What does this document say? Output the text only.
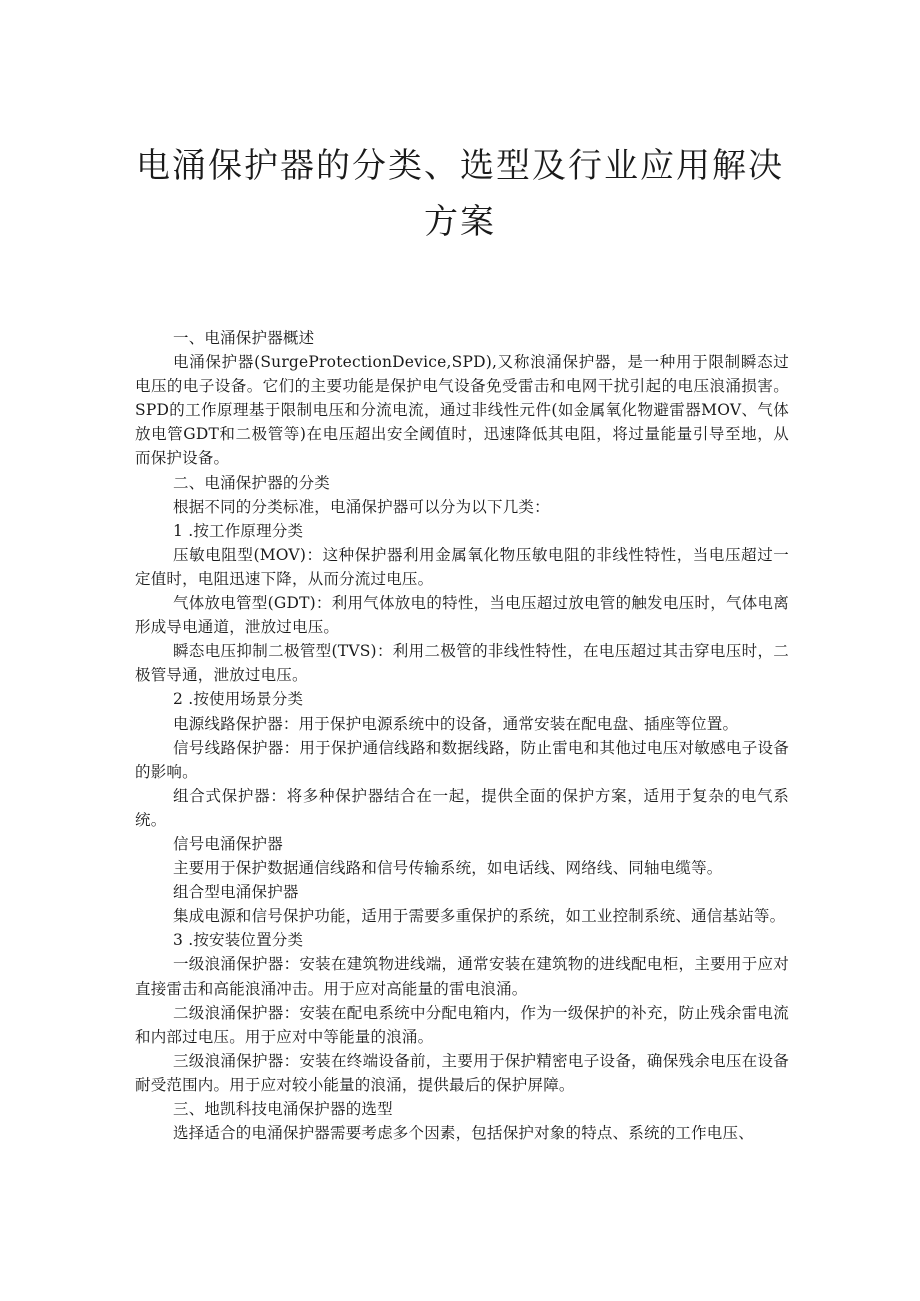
电涌保护器的分类、选型及行业应用解决方案

一、电涌保护器概述

电涌保护器(SurgeProtectionDevice,SPD),又称浪涌保护器，是一种用于限制瞬态过电压的电子设备。它们的主要功能是保护电气设备免受雷击和电网干扰引起的电压浪涌损害。SPD的工作原理基于限制电压和分流电流，通过非线性元件(如金属氧化物避雷器MOV、气体放电管GDT和二极管等)在电压超出安全阈值时，迅速降低其电阻，将过量能量引导至地，从而保护设备。

二、电涌保护器的分类

根据不同的分类标准，电涌保护器可以分为以下几类：

1 .按工作原理分类

压敏电阻型(MOV)：这种保护器利用金属氧化物压敏电阻的非线性特性，当电压超过一定值时，电阻迅速下降，从而分流过电压。

气体放电管型(GDT)：利用气体放电的特性，当电压超过放电管的触发电压时，气体电离形成导电通道，泄放过电压。

瞬态电压抑制二极管型(TVS)：利用二极管的非线性特性，在电压超过其击穿电压时，二极管导通，泄放过电压。

2 .按使用场景分类

电源线路保护器：用于保护电源系统中的设备，通常安装在配电盘、插座等位置。

信号线路保护器：用于保护通信线路和数据线路，防止雷电和其他过电压对敏感电子设备的影响。

组合式保护器：将多种保护器结合在一起，提供全面的保护方案，适用于复杂的电气系统。

信号电涌保护器

主要用于保护数据通信线路和信号传输系统，如电话线、网络线、同轴电缆等。

组合型电涌保护器

集成电源和信号保护功能，适用于需要多重保护的系统，如工业控制系统、通信基站等。

3 .按安装位置分类

一级浪涌保护器：安装在建筑物进线端，通常安装在建筑物的进线配电柜，主要用于应对直接雷击和高能浪涌冲击。用于应对高能量的雷电浪涌。

二级浪涌保护器：安装在配电系统中分配电箱内，作为一级保护的补充，防止残余雷电流和内部过电压。用于应对中等能量的浪涌。

三级浪涌保护器：安装在终端设备前，主要用于保护精密电子设备，确保残余电压在设备耐受范围内。用于应对较小能量的浪涌，提供最后的保护屏障。

三、地凯科技电涌保护器的选型

选择适合的电涌保护器需要考虑多个因素，包括保护对象的特点、系统的工作电压、
